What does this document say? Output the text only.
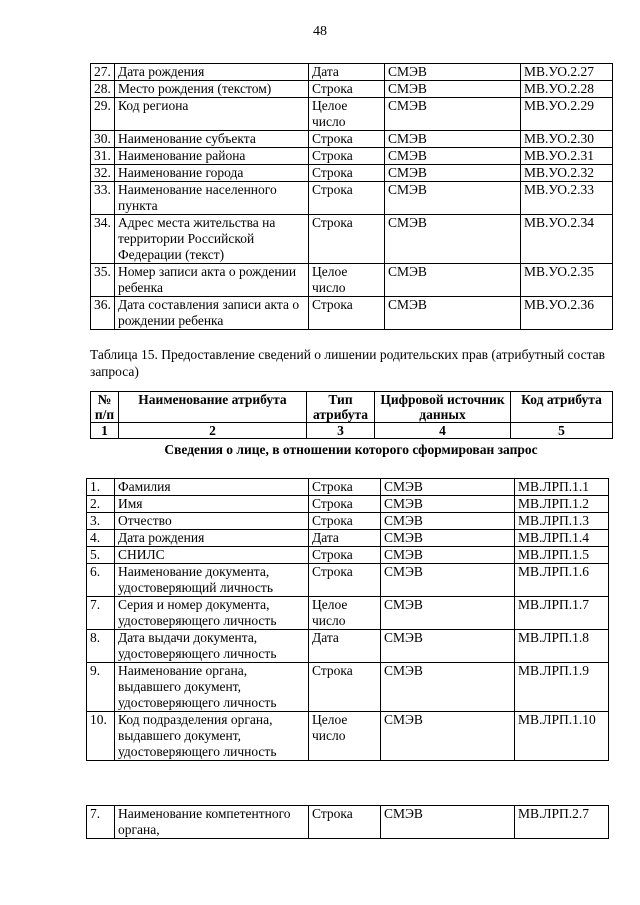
48
27.	Дата рождения	Дата	СМЭВ	МВ.УО.2.27
28.	Место рождения (текстом)	Строка	СМЭВ	МВ.УО.2.28
29.	Код региона	Целое число	СМЭВ	МВ.УО.2.29
30.	Наименование субъекта	Строка	СМЭВ	МВ.УО.2.30
31.	Наименование района	Строка	СМЭВ	МВ.УО.2.31
32.	Наименование города	Строка	СМЭВ	МВ.УО.2.32
33.	Наименование населенного пункта	Строка	СМЭВ	МВ.УО.2.33
34.	Адрес места жительства на территории Российской Федерации (текст)	Строка	СМЭВ	МВ.УО.2.34
35.	Номер записи акта о рождении ребенка	Целое число	СМЭВ	МВ.УО.2.35
36.	Дата составления записи акта о рождении ребенка	Строка	СМЭВ	МВ.УО.2.36
Таблица 15. Предоставление сведений о лишении родительских прав (атрибутный состав запроса)
№ п/п	Наименование атрибута	Тип атрибута	Цифровой источник данных	Код атрибута
1	2	3	4	5
Сведения о лице, в отношении которого сформирован запрос
1.	Фамилия	Строка	СМЭВ	МВ.ЛРП.1.1
2.	Имя	Строка	СМЭВ	МВ.ЛРП.1.2
3.	Отчество	Строка	СМЭВ	МВ.ЛРП.1.3
4.	Дата рождения	Дата	СМЭВ	МВ.ЛРП.1.4
5.	СНИЛС	Строка	СМЭВ	МВ.ЛРП.1.5
6.	Наименование документа, удостоверяющий личность	Строка	СМЭВ	МВ.ЛРП.1.6
7.	Серия и номер документа, удостоверяющего личность	Целое число	СМЭВ	МВ.ЛРП.1.7
8.	Дата выдачи документа, удостоверяющего личность	Дата	СМЭВ	МВ.ЛРП.1.8
9.	Наименование органа, выдавшего документ, удостоверяющего личность	Строка	СМЭВ	МВ.ЛРП.1.9
10.	Код подразделения органа, выдавшего документ, удостоверяющего личность	Целое число	СМЭВ	МВ.ЛРП.1.10
7.	Наименование компетентного органа,	Строка	СМЭВ	МВ.ЛРП.2.7
